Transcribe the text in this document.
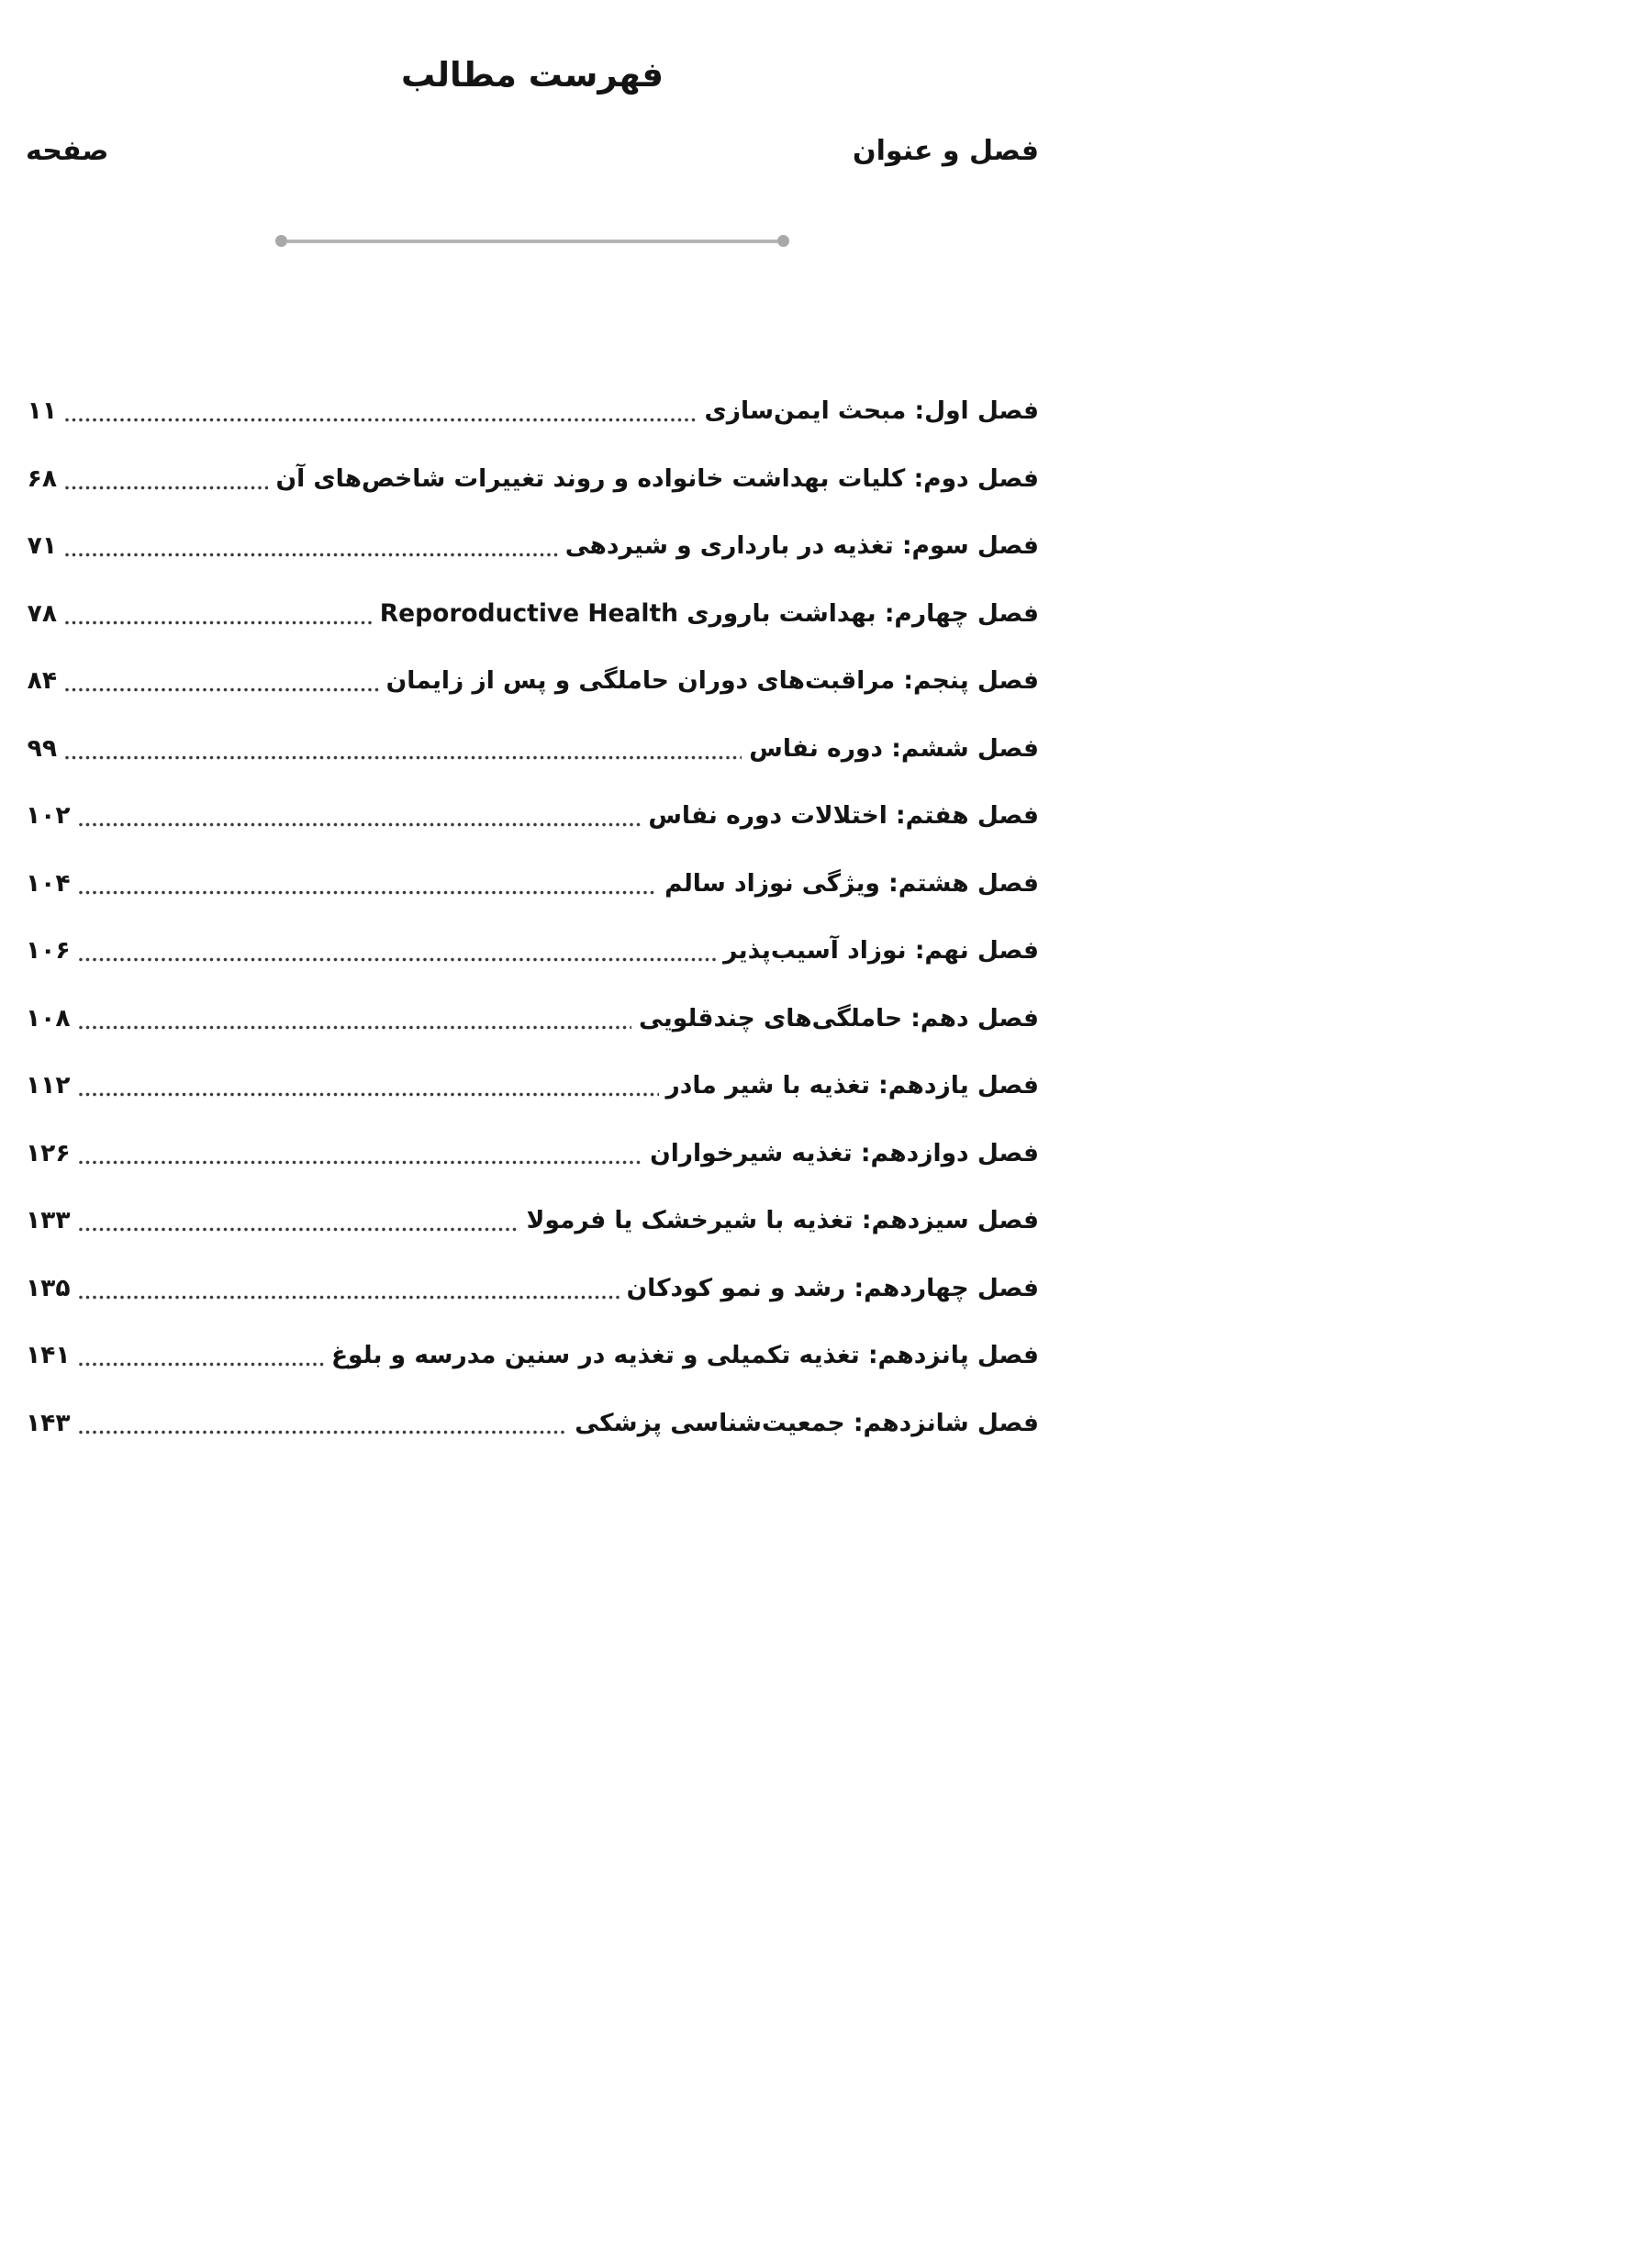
فهرست مطالب
صفحه	فصل و عنوان
فصل اول: مبحث ایمن‌سازی
۱۱
فصل دوم: کلیات بهداشت خانواده و روند تغییرات شاخص‌های آن
۶۸
فصل سوم: تغذیه در بارداری و شیردهی
۷۱
فصل چهارم: بهداشت باروری Reporoductive Health
۷۸
فصل پنجم: مراقبت‌های دوران حاملگی و پس از زایمان
۸۴
فصل ششم: دوره نفاس
۹۹
فصل هفتم: اختلالات دوره نفاس
۱۰۲
فصل هشتم: ویژگی نوزاد سالم
۱۰۴
فصل نهم: نوزاد آسیب‌پذیر
۱۰۶
فصل دهم: حاملگی‌های چندقلویی
۱۰۸
فصل یازدهم: تغذیه با شیر مادر
۱۱۲
فصل دوازدهم: تغذیه شیرخواران
۱۲۶
فصل سیزدهم: تغذیه با شیرخشک یا فرمولا
۱۳۳
فصل چهاردهم: رشد و نمو کودکان
۱۳۵
فصل پانزدهم: تغذیه تکمیلی و تغذیه در سنین مدرسه و بلوغ
۱۴۱
فصل شانزدهم: جمعیت‌شناسی پزشکی
۱۴۳
